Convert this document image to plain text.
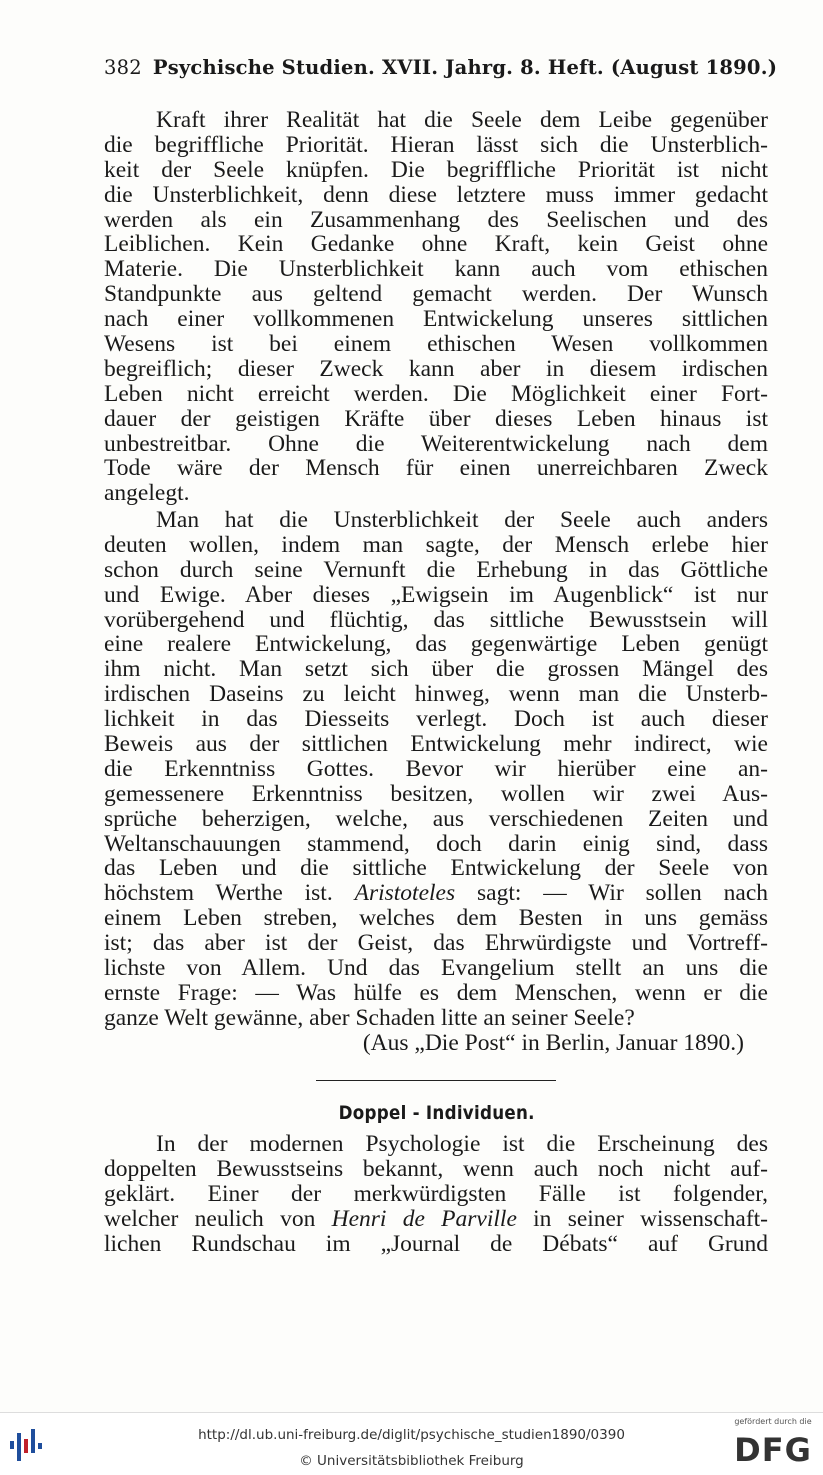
382 Psychische Studien. XVII. Jahrg. 8. Heft. (August 1890.)
Kraft ihrer Realität hat die Seele dem Leibe gegenüber
die begriffliche Priorität. Hieran lässt sich die Unsterblich-
keit der Seele knüpfen. Die begriffliche Priorität ist nicht
die Unsterblichkeit, denn diese letztere muss immer gedacht
werden als ein Zusammenhang des Seelischen und des
Leiblichen. Kein Gedanke ohne Kraft, kein Geist ohne
Materie. Die Unsterblichkeit kann auch vom ethischen
Standpunkte aus geltend gemacht werden. Der Wunsch
nach einer vollkommenen Entwickelung unseres sittlichen
Wesens ist bei einem ethischen Wesen vollkommen
begreiflich; dieser Zweck kann aber in diesem irdischen
Leben nicht erreicht werden. Die Möglichkeit einer Fort-
dauer der geistigen Kräfte über dieses Leben hinaus ist
unbestreitbar. Ohne die Weiterentwickelung nach dem
Tode wäre der Mensch für einen unerreichbaren Zweck
angelegt.
Man hat die Unsterblichkeit der Seele auch anders
deuten wollen, indem man sagte, der Mensch erlebe hier
schon durch seine Vernunft die Erhebung in das Göttliche
und Ewige. Aber dieses „Ewigsein im Augenblick“ ist nur
vorübergehend und flüchtig, das sittliche Bewusstsein will
eine realere Entwickelung, das gegenwärtige Leben genügt
ihm nicht. Man setzt sich über die grossen Mängel des
irdischen Daseins zu leicht hinweg, wenn man die Unsterb-
lichkeit in das Diesseits verlegt. Doch ist auch dieser
Beweis aus der sittlichen Entwickelung mehr indirect, wie
die Erkenntniss Gottes. Bevor wir hierüber eine an-
gemessenere Erkenntniss besitzen, wollen wir zwei Aus-
sprüche beherzigen, welche, aus verschiedenen Zeiten und
Weltanschauungen stammend, doch darin einig sind, dass
das Leben und die sittliche Entwickelung der Seele von
höchstem Werthe ist. Aristoteles sagt: — Wir sollen nach
einem Leben streben, welches dem Besten in uns gemäss
ist; das aber ist der Geist, das Ehrwürdigste und Vortreff-
lichste von Allem. Und das Evangelium stellt an uns die
ernste Frage: — Was hülfe es dem Menschen, wenn er die
ganze Welt gewänne, aber Schaden litte an seiner Seele?
(Aus „Die Post“ in Berlin, Januar 1890.)
Doppel - Individuen.
In der modernen Psychologie ist die Erscheinung des
doppelten Bewusstseins bekannt, wenn auch noch nicht auf-
geklärt. Einer der merkwürdigsten Fälle ist folgender,
welcher neulich von Henri de Parville in seiner wissenschaft-
lichen Rundschau im „Journal de Débats“ auf Grund
http://dl.ub.uni-freiburg.de/diglit/psychische_studien1890/0390
© Universitätsbibliothek Freiburg
gefördert durch die
DFG
